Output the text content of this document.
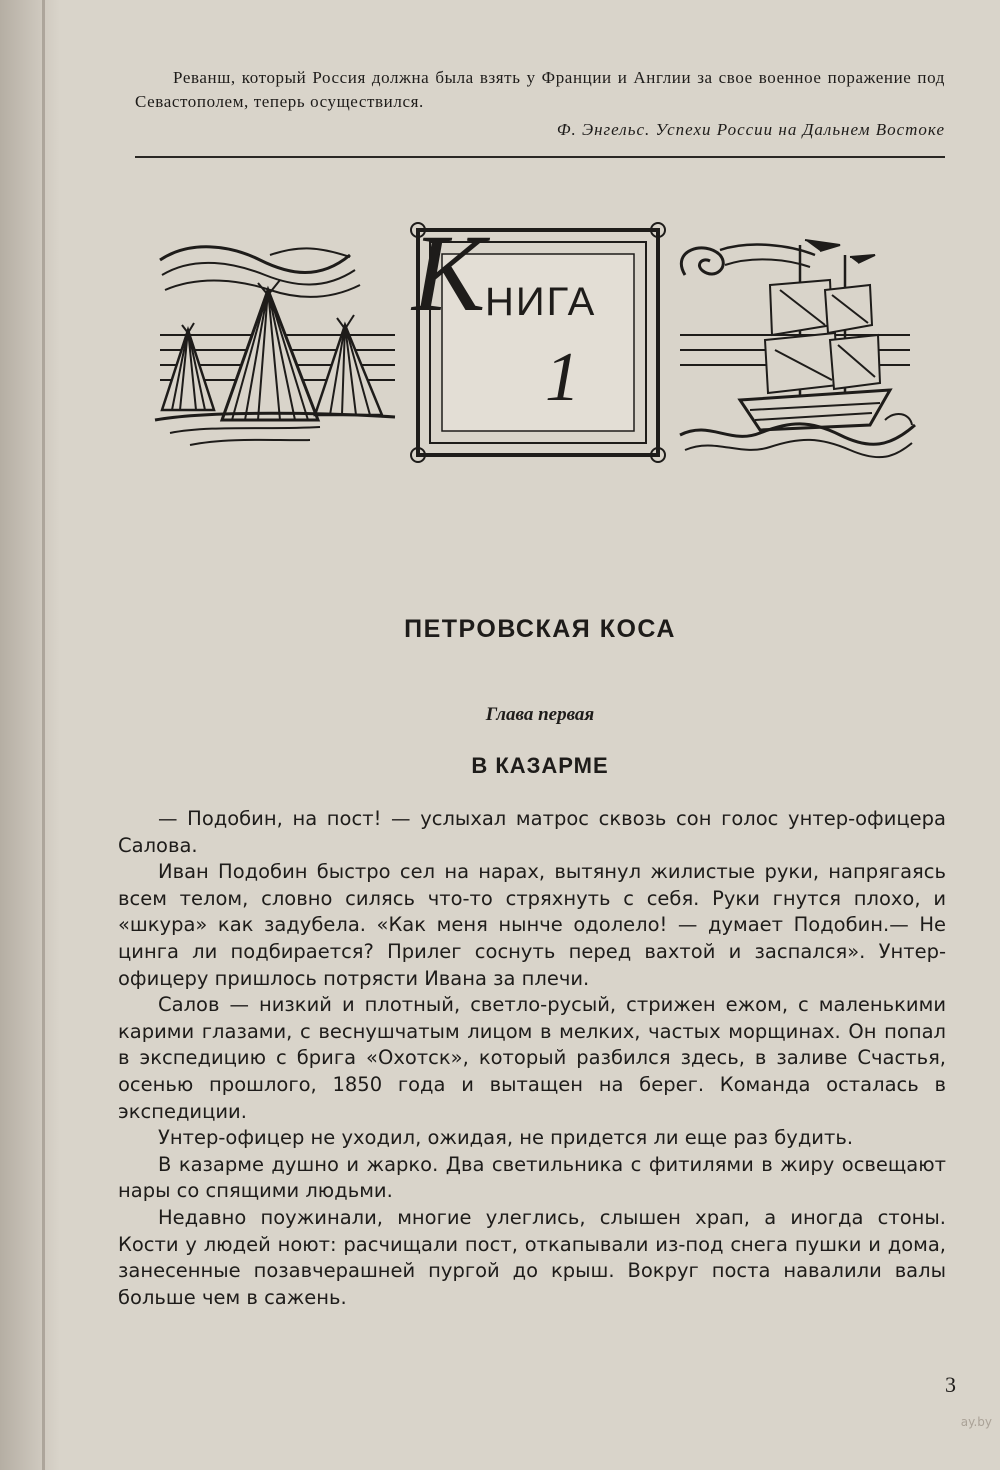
Реванш, который Россия должна была взять у Франции и Англии за свое военное поражение под Севастополем, теперь осуществился.
Ф. Энгельс. Успехи России на Дальнем Востоке
К НИГА
1
ПЕТРОВСКАЯ КОСА
Глава первая
В КАЗАРМЕ

— Подобин, на пост! — услыхал матрос сквозь сон голос унтер-офицера Салова.

Иван Подобин быстро сел на нарах, вытянул жилистые руки, напрягаясь всем телом, словно силясь что-то стряхнуть с себя. Руки гнутся плохо, и «шкура» как задубела. «Как меня нынче одолело! — думает Подобин.— Не цинга ли подбирается? Прилег соснуть перед вахтой и заспался». Унтер-офицеру пришлось потрясти Ивана за плечи.

Салов — низкий и плотный, светло-русый, стрижен ежом, с маленькими карими глазами, с веснушчатым лицом в мелких, частых морщинах. Он попал в экспедицию с брига «Охотск», который разбился здесь, в заливе Счастья, осенью прошлого, 1850 года и вытащен на берег. Команда осталась в экспедиции.

Унтер-офицер не уходил, ожидая, не придется ли еще раз будить.

В казарме душно и жарко. Два светильника с фитилями в жиру освещают нары со спящими людьми.

Недавно поужинали, многие улеглись, слышен храп, а иногда стоны. Кости у людей ноют: расчищали пост, откапывали из-под снега пушки и дома, занесенные позавчерашней пургой до крыш. Вокруг поста навалили валы больше чем в сажень.

3
ay.by
